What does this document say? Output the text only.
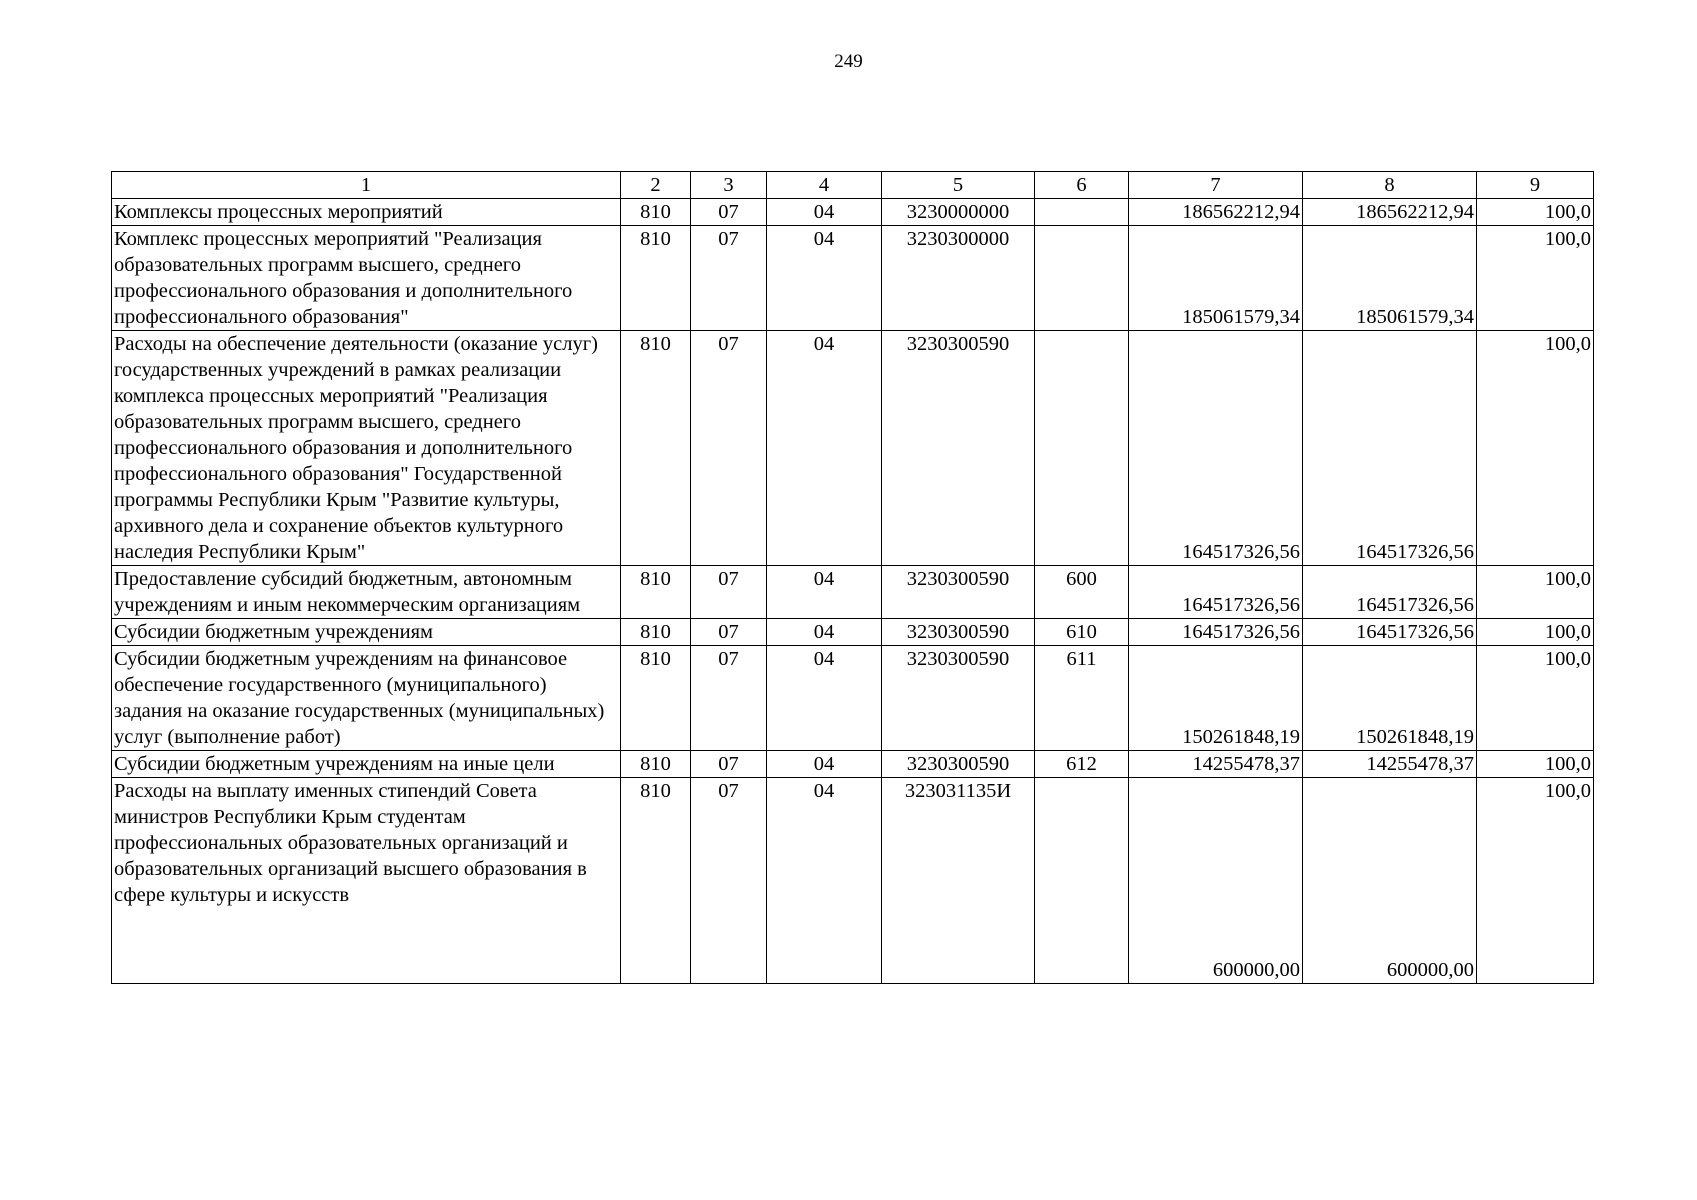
249
1	2	3	4	5	6	7	8	9
Комплексы процессных мероприятий	810	07	04	3230000000		186562212,94	186562212,94	100,0
Комплекс процессных мероприятий "Реализация образовательных программ высшего, среднего профессионального образования и дополнительного профессионального образования"	810	07	04	3230300000		185061579,34	185061579,34	100,0
Расходы на обеспечение деятельности (оказание услуг) государственных учреждений в рамках реализации комплекса процессных мероприятий "Реализация образовательных программ высшего, среднего профессионального образования и дополнительного профессионального образования" Государственной программы Республики Крым "Развитие культуры, архивного дела и сохранение объектов культурного наследия Республики Крым"	810	07	04	3230300590		164517326,56	164517326,56	100,0
Предоставление субсидий бюджетным, автономным учреждениям и иным некоммерческим организациям	810	07	04	3230300590	600	164517326,56	164517326,56	100,0
Субсидии бюджетным учреждениям	810	07	04	3230300590	610	164517326,56	164517326,56	100,0
Субсидии бюджетным учреждениям на финансовое обеспечение государственного (муниципального) задания на оказание государственных (муниципальных) услуг (выполнение работ)	810	07	04	3230300590	611	150261848,19	150261848,19	100,0
Субсидии бюджетным учреждениям на иные цели	810	07	04	3230300590	612	14255478,37	14255478,37	100,0
Расходы на выплату именных стипендий Совета министров Республики Крым студентам профессиональных образовательных организаций и образовательных организаций высшего образования в сфере культуры и искусств	810	07	04	323031135И		600000,00	600000,00	100,0
